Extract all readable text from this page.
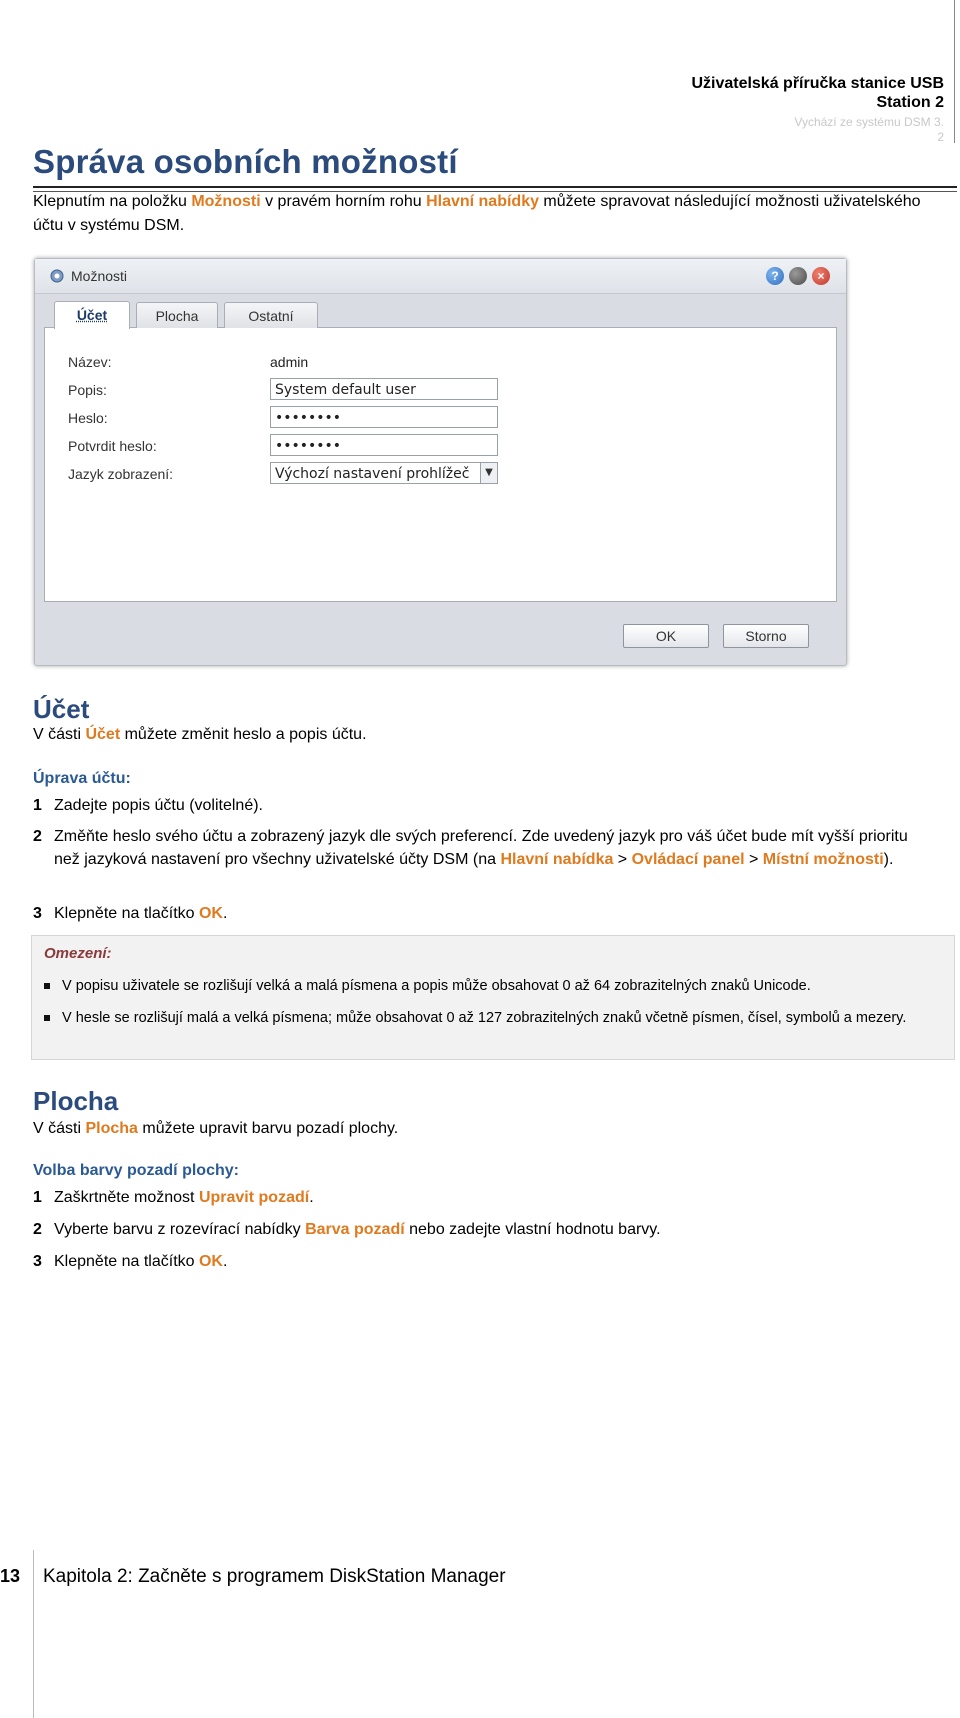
Uživatelská příručka stanice USB
Station 2
Vychází ze systému DSM 3.
2
Správa osobních možností
Klepnutím na položku Možnosti v pravém horním rohu Hlavní nabídky můžete spravovat následující možnosti uživatelského účtu v systému DSM.
Možnosti	?	×
Název:	admin
Popis:	System default user
Heslo:	••••••••
Potvrdit heslo:	••••••••
Jazyk zobrazení:	Výchozí nastavení prohlížeč	▼
Účet	Plocha	Ostatní
OK	Storno
Účet
V části Účet můžete změnit heslo a popis účtu.
Úprava účtu:
1 Zadejte popis účtu (volitelné).
2 Změňte heslo svého účtu a zobrazený jazyk dle svých preferencí. Zde uvedený jazyk pro váš účet bude mít vyšší prioritu než jazyková nastavení pro všechny uživatelské účty DSM (na Hlavní nabídka > Ovládací panel > Místní možnosti).
3 Klepněte na tlačítko OK.
Omezení:
V popisu uživatele se rozlišují velká a malá písmena a popis může obsahovat 0 až 64 zobrazitelných znaků Unicode.
V hesle se rozlišují malá a velká písmena; může obsahovat 0 až 127 zobrazitelných znaků včetně písmen, čísel, symbolů a mezery.
Plocha
V části Plocha můžete upravit barvu pozadí plochy.
Volba barvy pozadí plochy:
1 Zaškrtněte možnost Upravit pozadí.
2 Vyberte barvu z rozevírací nabídky Barva pozadí nebo zadejte vlastní hodnotu barvy.
3 Klepněte na tlačítko OK.
13 Kapitola 2: Začněte s programem DiskStation Manager
